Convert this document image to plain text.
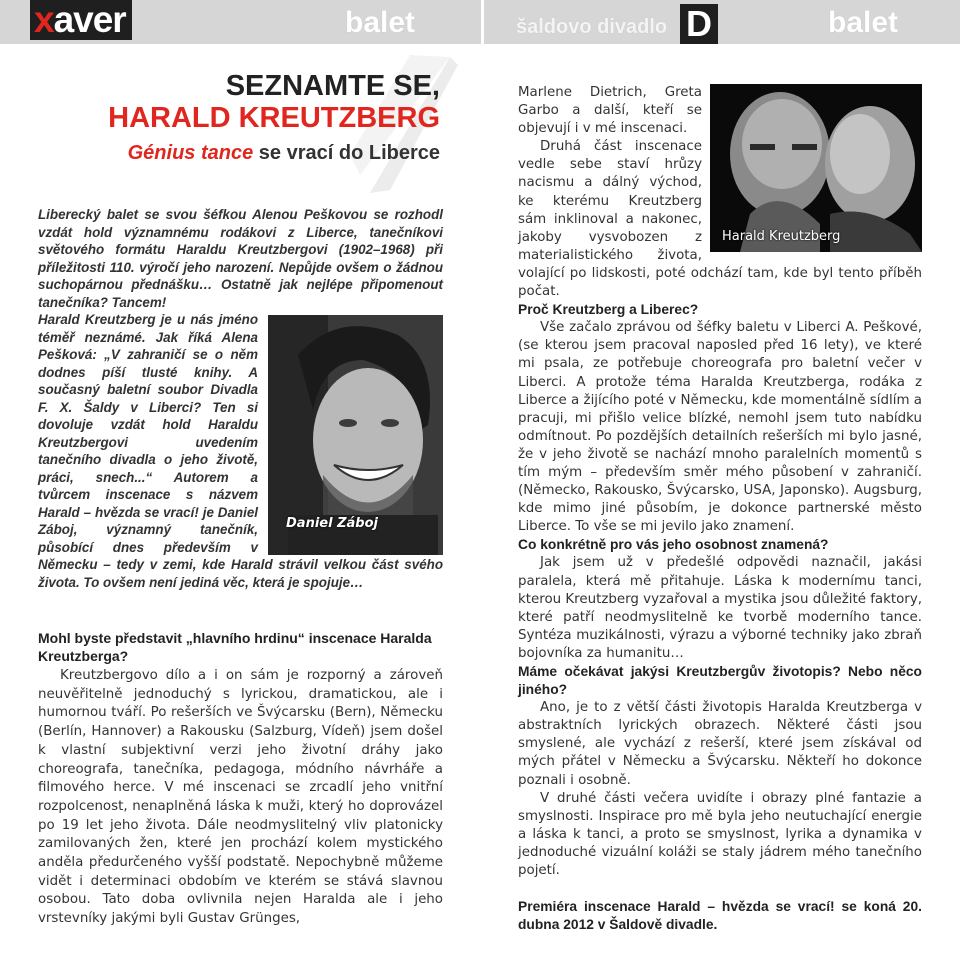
xaver	balet	šaldovo divadlo D	balet

SEZNAMTE SE,

HARALD KREUTZBERG

Génius tance se vrací do Liberce

Liberecký balet se svou šéfkou Alenou Peškovou se rozhodl vzdát hold významnému rodákovi z Liberce, tanečníkovi světového formátu Haraldu Kreutzbergovi (1902–1968) při příležitosti 110. výročí jeho narození. Nepůjde ovšem o žádnou suchopárnou přednášku… Ostatně jak nejlépe připomenout tanečníka? Tancem!

Daniel Záboj

Harald Kreutzberg je u nás jméno téměř neznámé. Jak říká Alena Pešková: „V zahraničí se o něm dodnes píší tlusté knihy. A současný baletní soubor Divadla F. X. Šaldy v Liberci? Ten si dovoluje vzdát hold Haraldu Kreutzbergovi uvedením tanečního divadla o jeho životě, práci, snech...“ Autorem a tvůrcem inscenace s názvem Harald – hvězda se vrací! je Daniel Záboj, významný tanečník, působící dnes především v Německu – tedy v zemi, kde Harald strávil velkou část svého života. To ovšem není jediná věc, která je spojuje…

Mohl byste představit „hlavního hrdinu“ inscenace Haralda Kreutzberga?

Kreutzbergovo dílo a i on sám je rozporný a zároveň neuvěřitelně jednoduchý s lyrickou, dramatickou, ale i humornou tváří. Po rešerších ve Švýcarsku (Bern), Německu (Berlín, Hannover) a Rakousku (Salzburg, Vídeň) jsem došel k vlastní subjektivní verzi jeho životní dráhy jako choreografa, tanečníka, pedagoga, módního návrháře a filmového herce. V mé inscenaci se zrcadlí jeho vnitřní rozpolcenost, nenaplněná láska k muži, který ho doprovázel po 19 let jeho života. Dále neodmyslitelný vliv platonicky zamilovaných žen, které jen prochází kolem mystického anděla předurčeného vyšší podstatě. Nepochybně můžeme vidět i determinaci obdobím ve kterém se stává slavnou osobou. Tato doba ovlivnila nejen Haralda ale i jeho vrstevníky jakými byli Gustav Grünges,

Harald Kreutzberg

Marlene Dietrich, Greta Garbo a další, kteří se objevují i v mé inscenaci.

Druhá část inscenace vedle sebe staví hrůzy nacismu a dálný východ, ke kterému Kreutzberg sám inklinoval a nakonec, jakoby vysvobozen z materialistického života, volající po lidskosti, poté odchází tam, kde byl tento příběh počat.

Proč Kreutzberg a Liberec?

Vše začalo zprávou od šéfky baletu v Liberci A. Peškové, (se kterou jsem pracoval naposled před 16 lety), ve které mi psala, ze potřebuje choreografa pro baletní večer v Liberci. A protože téma Haralda Kreutzberga, rodáka z Liberce a žijícího poté v Německu, kde momentálně sídlím a pracuji, mi přišlo velice blízké, nemohl jsem tuto nabídku odmítnout. Po pozdějších detailních rešerších mi bylo jasné, že v jeho životě se nachází mnoho paralelních momentů s tím mým – především směr mého působení v zahraničí. (Německo, Rakousko, Švýcarsko, USA, Japonsko). Augsburg, kde mimo jiné působím, je dokonce partnerské město Liberce. To vše se mi jevilo jako znamení.

Co konkrétně pro vás jeho osobnost znamená?

Jak jsem už v předešlé odpovědi naznačil, jakási paralela, která mě přitahuje. Láska k modernímu tanci, kterou Kreutzberg vyzařoval a mystika jsou důležité faktory, které patří neodmyslitelně ke tvorbě moderního tance. Syntéza muzikálnosti, výrazu a výborné techniky jako zbraň bojovníka za humanitu…

Máme očekávat jakýsi Kreutzbergův životopis? Nebo něco jiného?

Ano, je to z větší části životopis Haralda Kreutzberga v abstraktních lyrických obrazech. Některé části jsou smyslené, ale vychází z rešerší, které jsem získával od mých přátel v Německu a Švýcarsku. Někteří ho dokonce poznali i osobně.

V druhé části večera uvidíte i obrazy plné fantazie a smyslnosti. Inspirace pro mě byla jeho neutuchající energie a láska k tanci, a proto se smyslnost, lyrika a dynamika v jednoduché vizuální koláži se staly jádrem mého tanečního pojetí.

Premiéra inscenace Harald – hvězda se vrací! se koná 20. dubna 2012 v Šaldově divadle.
